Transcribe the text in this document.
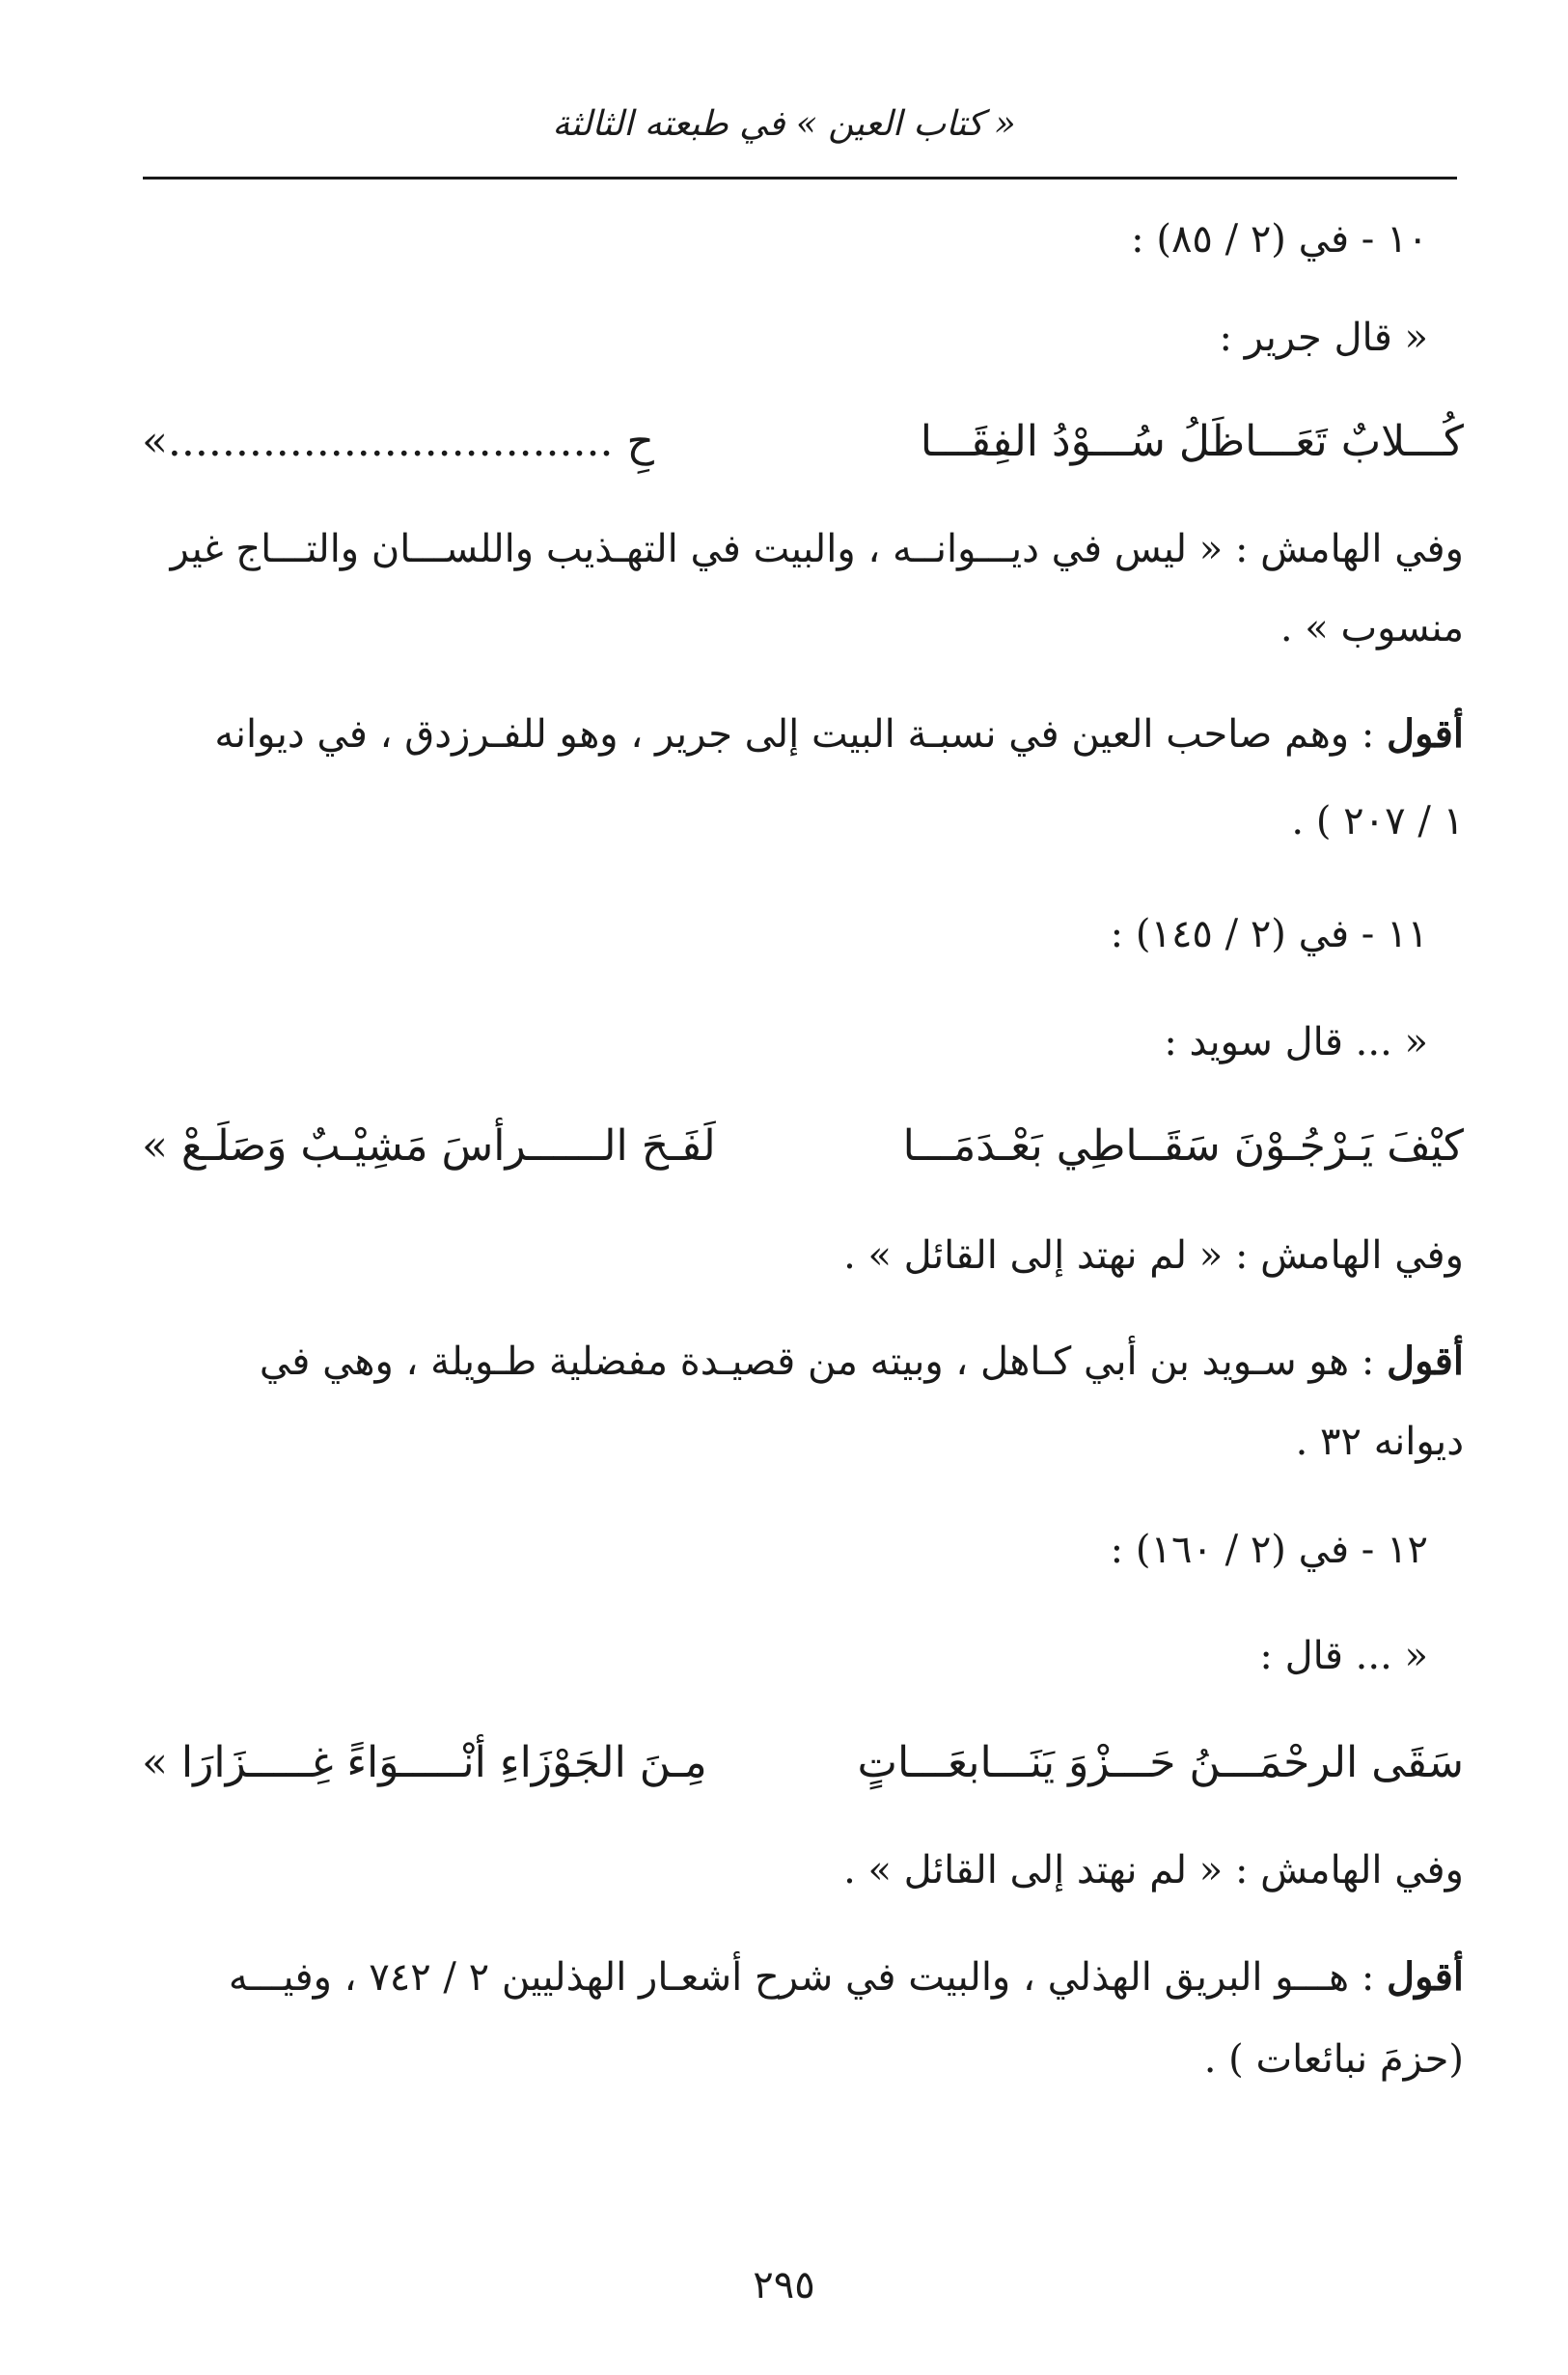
« كتاب العين » في طبعته الثالثة
١٠ - في (٢ / ٨٥) :
« قال جرير :
كُـــلابٌ تَعَـــاظَلُ سُـــوْدُ الفِقَـــا
حِ .................................»
وفي الهامش : « ليس في ديـــوانــه ، والبيت في التهـذيب واللســـان والتـــاج غير
منسوب » .
أقول : وهم صاحب العين في نسبـة البيت إلى جرير ، وهو للفـرزدق ، في ديوانه
١ / ٢٠٧ ) .
١١ - في (٢ / ١٤٥) :
« ... قال سويد :
كيْفَ يَـرْجُـوْنَ سَقَــاطِي بَعْـدَمَـــا
لَفَـحَ الــــــرأسَ مَشِيْـبٌ وَصَلَـعْ »
وفي الهامش : « لم نهتد إلى القائل » .
أقول : هو سـويد بن أبي كـاهل ، وبيته من قصيـدة مفضلية طـويلة ، وهي في
ديوانه ٣٢ .
١٢ - في (٢ / ١٦٠) :
« ... قال :
سَقَى الرحْمَـــنُ حَـــزْوَ يَنَـــابعَـــاتٍ
مِـنَ الجَوْزَاءِ أنْـــــوَاءً غِـــــزَارَا »
وفي الهامش : « لم نهتد إلى القائل » .
أقول : هـــو البريق الهذلي ، والبيت في شرح أشعـار الهذليين ٢ / ٧٤٢ ، وفيـــه
(حزمَ نبائعات ) .
٢٩٥
